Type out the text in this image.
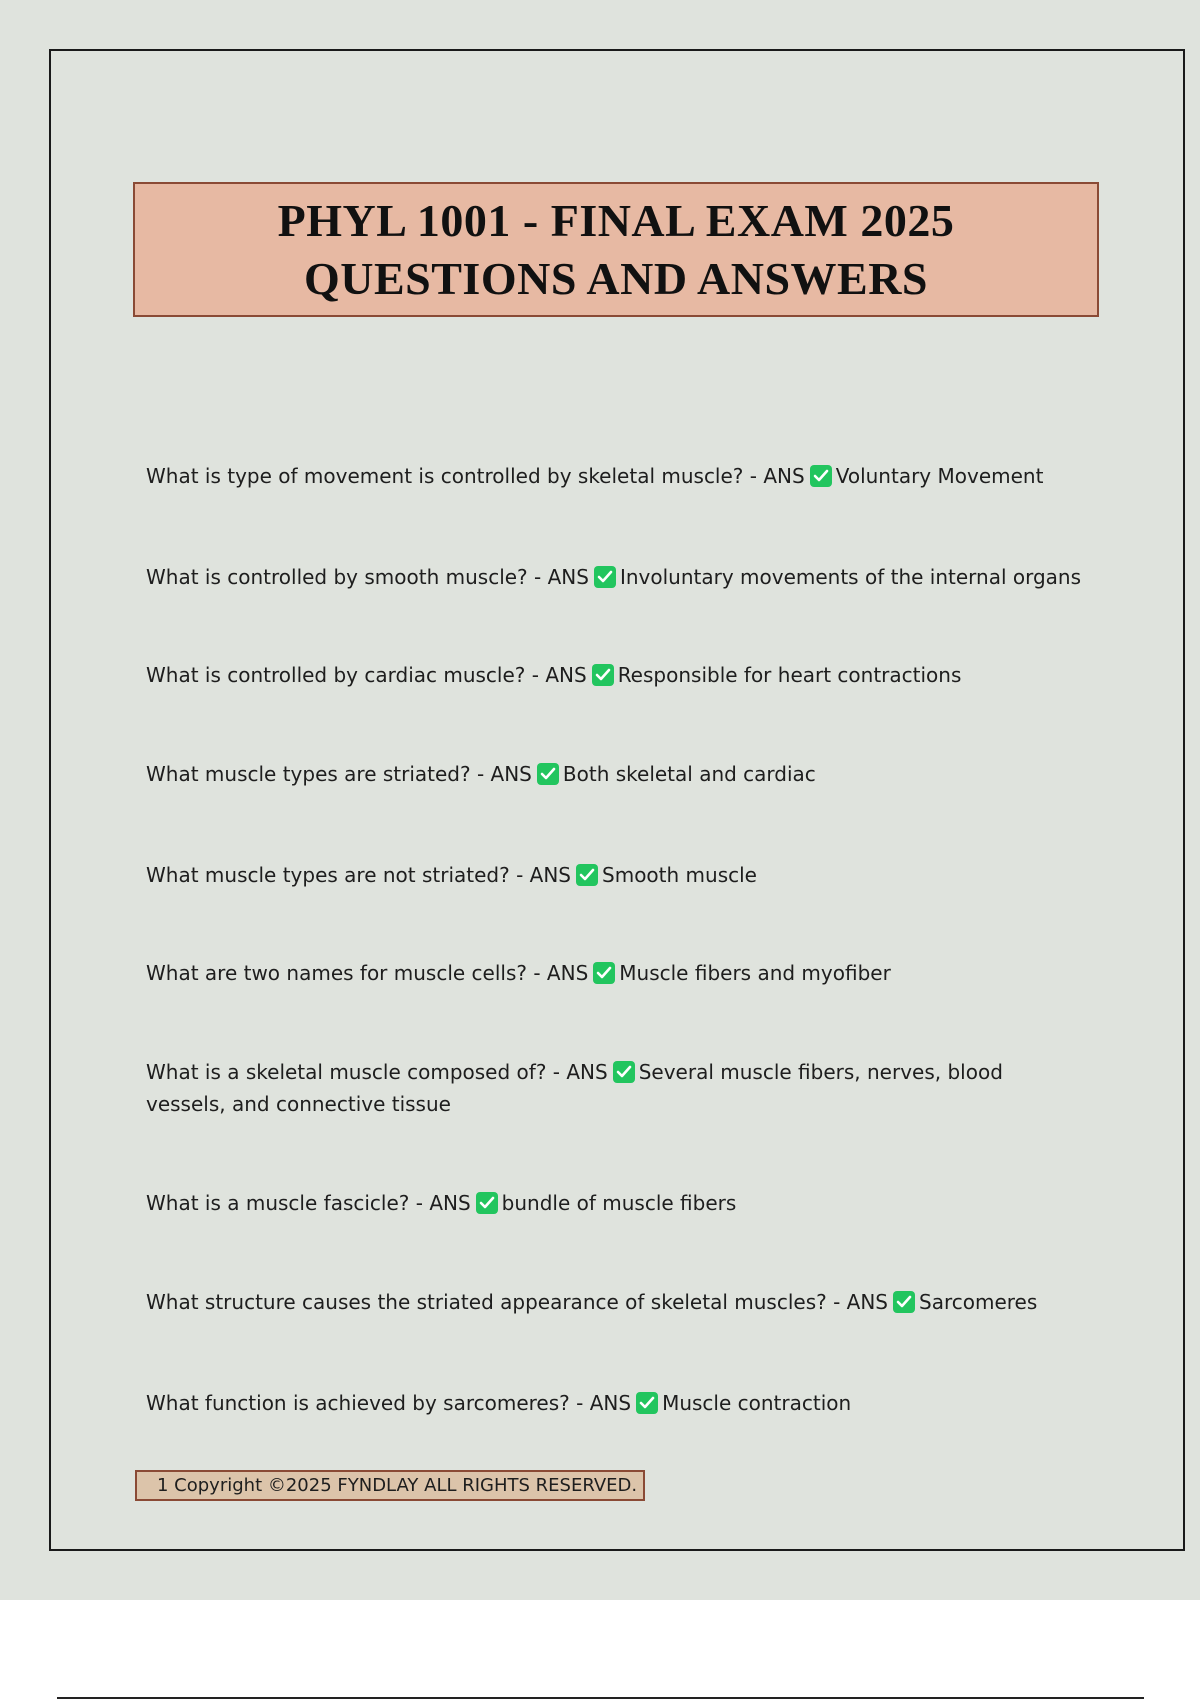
PHYL 1001 - FINAL EXAM 2025
QUESTIONS AND ANSWERS
What is type of movement is controlled by skeletal muscle? - ANS Voluntary Movement
What is controlled by smooth muscle? - ANS Involuntary movements of the internal organs
What is controlled by cardiac muscle? - ANS Responsible for heart contractions
What muscle types are striated? - ANS Both skeletal and cardiac
What muscle types are not striated? - ANS Smooth muscle
What are two names for muscle cells? - ANS Muscle fibers and myofiber
What is a skeletal muscle composed of? - ANS Several muscle fibers, nerves, blood vessels, and connective tissue
What is a muscle fascicle? - ANS bundle of muscle fibers
What structure causes the striated appearance of skeletal muscles? - ANS Sarcomeres
What function is achieved by sarcomeres? - ANS Muscle contraction
1 Copyright ©2025 FYNDLAY ALL RIGHTS RESERVED.
